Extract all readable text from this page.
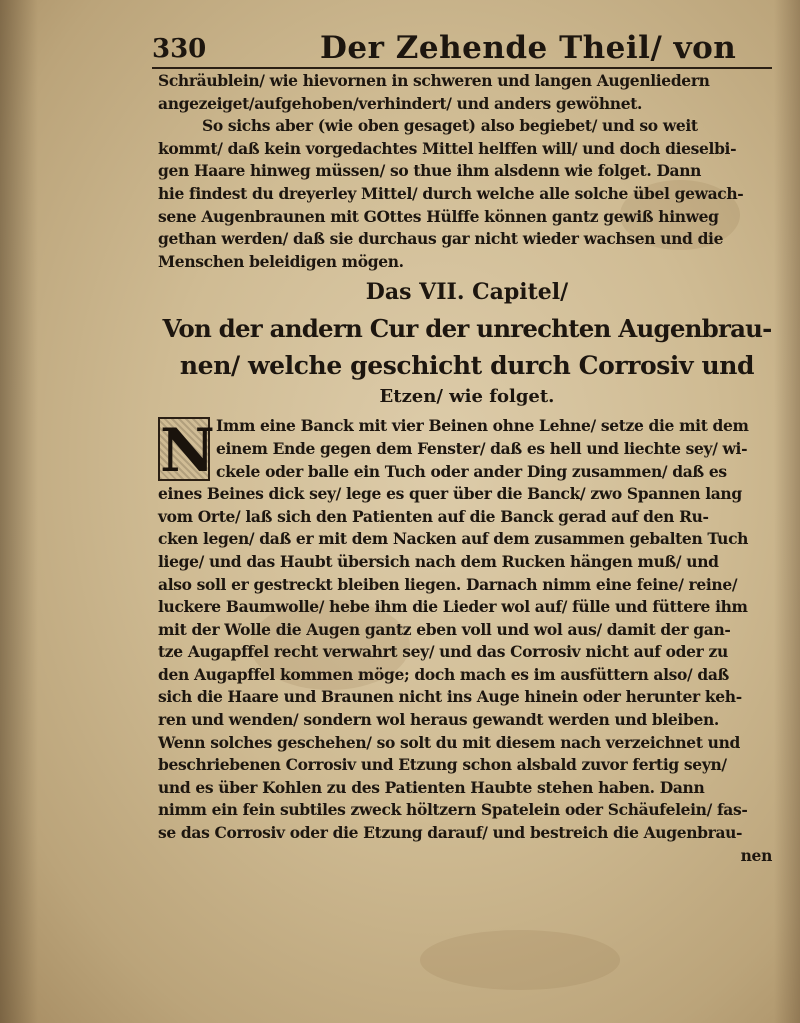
330	Der Zehende Theil/ von
Schräublein/ wie hievornen in schweren und langen Augenliedern
angezeiget/aufgehoben/verhindert/ und anders gewöhnet.
So sichs aber (wie oben gesaget) also begiebet/ und so weit
kommt/ daß kein vorgedachtes Mittel helffen will/ und doch dieselbi-
gen Haare hinweg müssen/ so thue ihm alsdenn wie folget. Dann
hie findest du dreyerley Mittel/ durch welche alle solche übel gewach-
sene Augenbraunen mit GOttes Hülffe können gantz gewiß hinweg
gethan werden/ daß sie durchaus gar nicht wieder wachsen und die
Menschen beleidigen mögen.
Das VII. Capitel/
Von der andern Cur der unrechten Augenbrau-
nen/ welche geschicht durch Corrosiv und
Etzen/ wie folget.
N Imm eine Banck mit vier Beinen ohne Lehne/ setze die mit dem
einem Ende gegen dem Fenster/ daß es hell und liechte sey/ wi-
ckele oder balle ein Tuch oder ander Ding zusammen/ daß es
eines Beines dick sey/ lege es quer über die Banck/ zwo Spannen lang
vom Orte/ laß sich den Patienten auf die Banck gerad auf den Ru-
cken legen/ daß er mit dem Nacken auf dem zusammen gebalten Tuch
liege/ und das Haubt übersich nach dem Rucken hängen muß/ und
also soll er gestreckt bleiben liegen. Darnach nimm eine feine/ reine/
luckere Baumwolle/ hebe ihm die Lieder wol auf/ fülle und füttere ihm
mit der Wolle die Augen gantz eben voll und wol aus/ damit der gan-
tze Augapffel recht verwahrt sey/ und das Corrosiv nicht auf oder zu
den Augapffel kommen möge; doch mach es im ausfüttern also/ daß
sich die Haare und Braunen nicht ins Auge hinein oder herunter keh-
ren und wenden/ sondern wol heraus gewandt werden und bleiben.
Wenn solches geschehen/ so solt du mit diesem nach verzeichnet und
beschriebenen Corrosiv und Etzung schon alsbald zuvor fertig seyn/
und es über Kohlen zu des Patienten Haubte stehen haben. Dann
nimm ein fein subtiles zweck höltzern Spatelein oder Schäufelein/ fas-
se das Corrosiv oder die Etzung darauf/ und bestreich die Augenbrau-
nen
